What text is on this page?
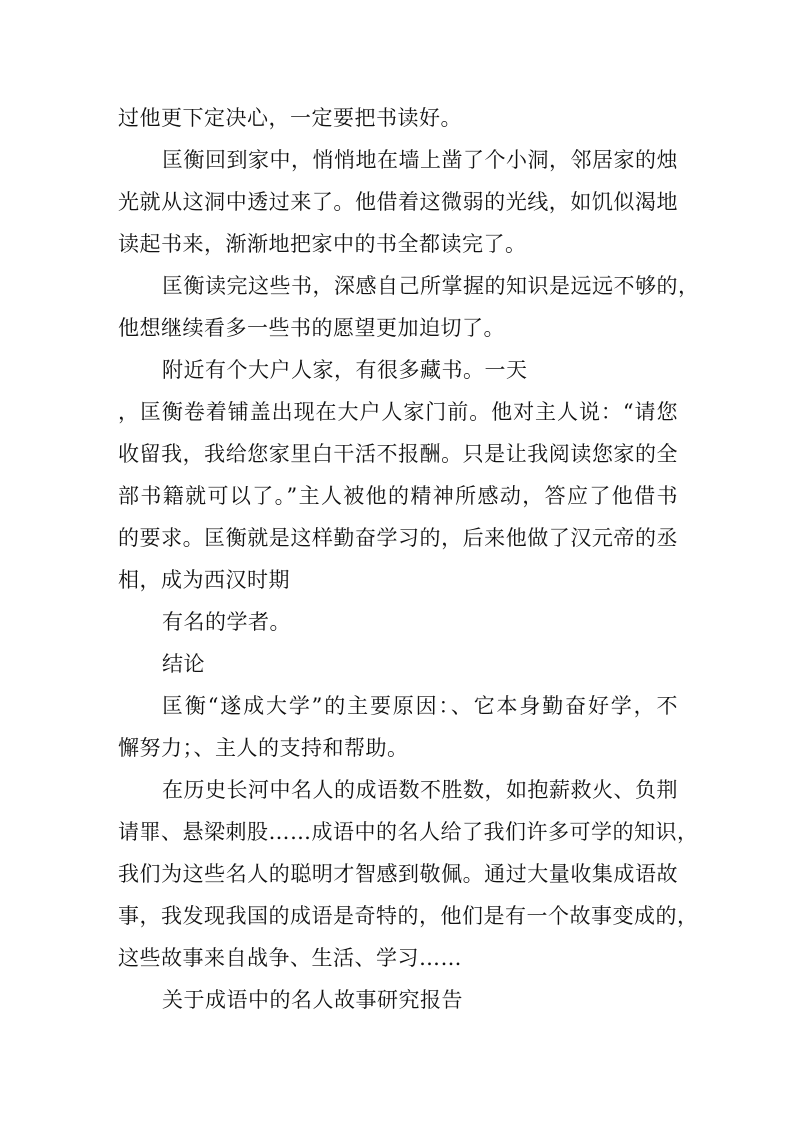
过他更下定决心，一定要把书读好。
匡衡回到家中，悄悄地在墙上凿了个小洞，邻居家的烛
光就从这洞中透过来了。他借着这微弱的光线，如饥似渴地
读起书来，渐渐地把家中的书全都读完了。
匡衡读完这些书，深感自己所掌握的知识是远远不够的，
他想继续看多一些书的愿望更加迫切了。
附近有个大户人家，有很多藏书。一天
，匡衡卷着铺盖出现在大户人家门前。他对主人说：“请您
收留我，我给您家里白干活不报酬。只是让我阅读您家的全
部书籍就可以了。”主人被他的精神所感动，答应了他借书
的要求。匡衡就是这样勤奋学习的，后来他做了汉元帝的丞
相，成为西汉时期
有名的学者。
结论
匡衡“遂成大学”的主要原因：、它本身勤奋好学，不
懈努力；、主人的支持和帮助。
在历史长河中名人的成语数不胜数，如抱薪救火、负荆
请罪、悬梁刺股……成语中的名人给了我们许多可学的知识，
我们为这些名人的聪明才智感到敬佩。通过大量收集成语故
事，我发现我国的成语是奇特的，他们是有一个故事变成的，
这些故事来自战争、生活、学习……
关于成语中的名人故事研究报告
